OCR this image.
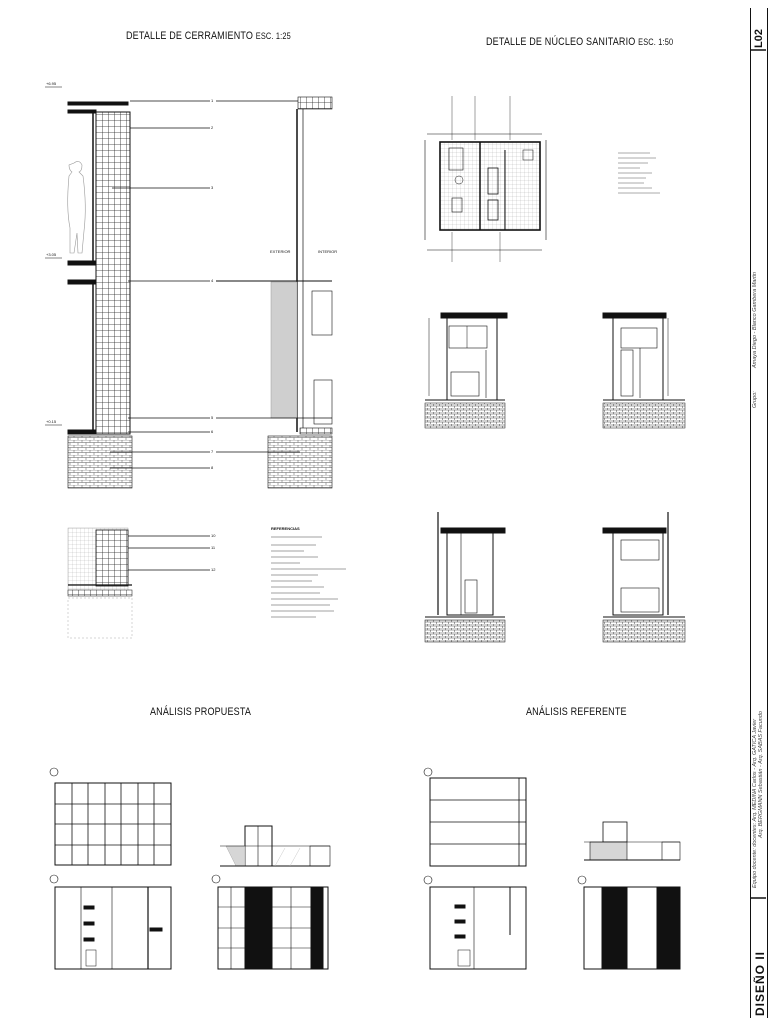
DETALLE DE CERRAMIENTO ESC. 1:25	DETALLE DE NÚCLEO SANITARIO ESC. 1:50
ANÁLISIS PROPUESTA	ANÁLISIS REFERENTE
1
2
3
4
5
6
7
8
10
11
12
+6.95
+3.05
+0.15
EXTERIOR	INTERIOR
REFERENCIAS
L02
DISEÑO II
Equipo docente: docentes: Arq. MEDINA Carlos - Arq. GATICA Javier Arq. BERGMANN Sebastián - Arq. SABAS Facundo
Grupo:
Amaya Diego - Blanco Gambera Martin
